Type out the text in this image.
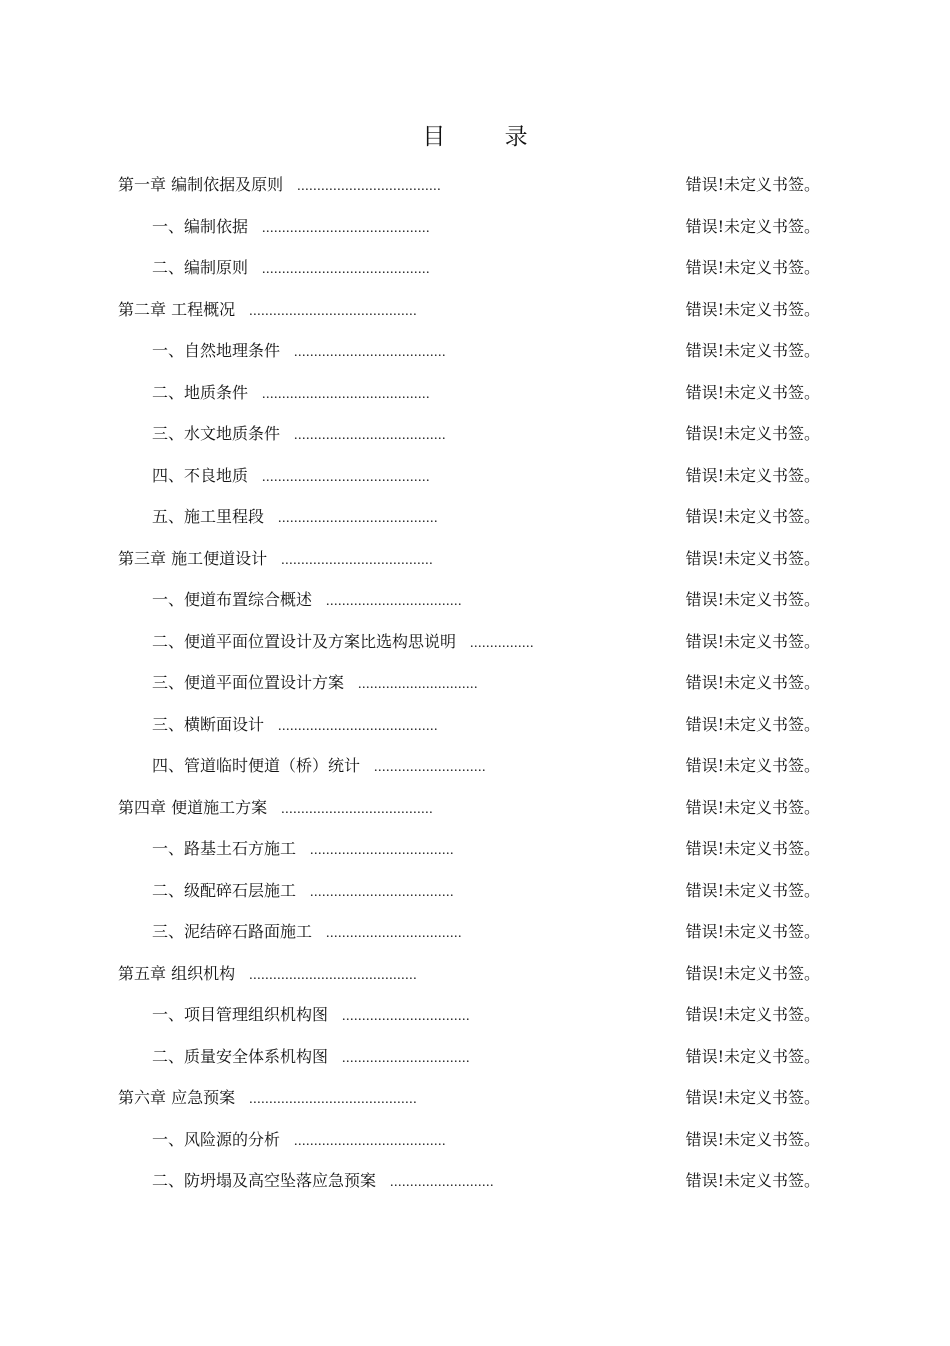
目 录
第一章 编制依据及原则 ....................................	错误!未定义书签。
一、编制依据 ..........................................	错误!未定义书签。
二、编制原则 ..........................................	错误!未定义书签。
第二章 工程概况 ..........................................	错误!未定义书签。
一、自然地理条件 ......................................	错误!未定义书签。
二、地质条件 ..........................................	错误!未定义书签。
三、水文地质条件 ......................................	错误!未定义书签。
四、不良地质 ..........................................	错误!未定义书签。
五、施工里程段 ........................................	错误!未定义书签。
第三章 施工便道设计 ......................................	错误!未定义书签。
一、便道布置综合概述 ..................................	错误!未定义书签。
二、便道平面位置设计及方案比选构思说明 ................	错误!未定义书签。
三、便道平面位置设计方案 ..............................	错误!未定义书签。
三、横断面设计 ........................................	错误!未定义书签。
四、管道临时便道（桥）统计 ............................	错误!未定义书签。
第四章 便道施工方案 ......................................	错误!未定义书签。
一、路基土石方施工 ....................................	错误!未定义书签。
二、级配碎石层施工 ....................................	错误!未定义书签。
三、泥结碎石路面施工 ..................................	错误!未定义书签。
第五章 组织机构 ..........................................	错误!未定义书签。
一、项目管理组织机构图 ................................	错误!未定义书签。
二、质量安全体系机构图 ................................	错误!未定义书签。
第六章 应急预案 ..........................................	错误!未定义书签。
一、风险源的分析 ......................................	错误!未定义书签。
二、防坍塌及高空坠落应急预案 ..........................	错误!未定义书签。
